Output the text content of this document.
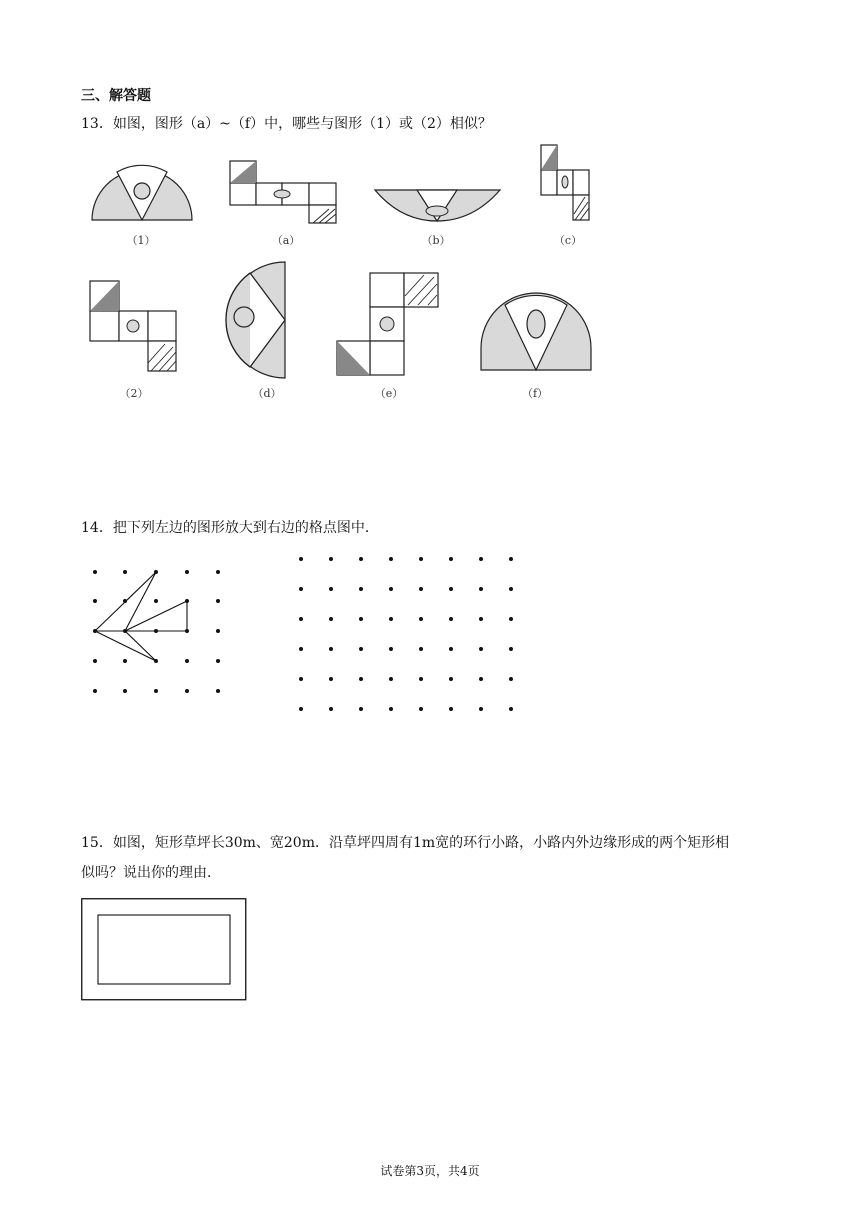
三、解答题
13．如图，图形（a）~（f）中，哪些与图形（1）或（2）相似？
（1）	（a）	（b）	（c）
（2）	（d）	（e）	（f）
14．把下列左边的图形放大到右边的格点图中．
15．如图，矩形草坪长30m、宽20m．沿草坪四周有1m宽的环行小路，小路内外边缘形成的两个矩形相
似吗？说出你的理由．
试卷第3页，共4页
